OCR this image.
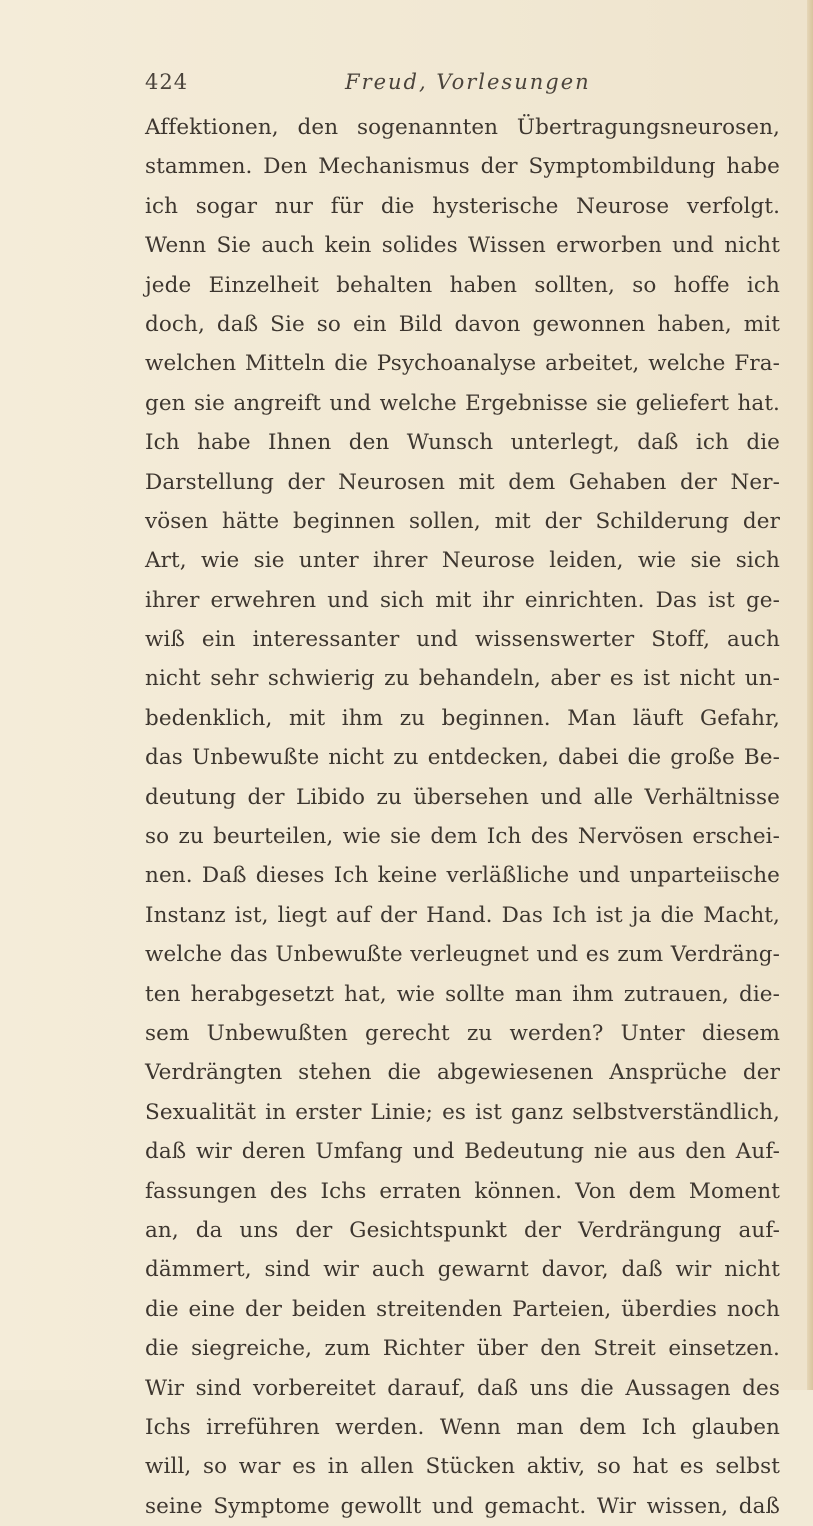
424	Freud, Vorlesungen
Affektionen, den sogenannten Übertragungsneurosen,
stammen. Den Mechanismus der Symptombildung habe
ich sogar nur für die hysterische Neurose verfolgt.
Wenn Sie auch kein solides Wissen erworben und nicht
jede Einzelheit behalten haben sollten, so hoffe ich
doch, daß Sie so ein Bild davon gewonnen haben, mit
welchen Mitteln die Psychoanalyse arbeitet, welche Fra-
gen sie angreift und welche Ergebnisse sie geliefert hat.
Ich habe Ihnen den Wunsch unterlegt, daß ich die
Darstellung der Neurosen mit dem Gehaben der Ner-
vösen hätte beginnen sollen, mit der Schilderung der
Art, wie sie unter ihrer Neurose leiden, wie sie sich
ihrer erwehren und sich mit ihr einrichten. Das ist ge-
wiß ein interessanter und wissenswerter Stoff, auch
nicht sehr schwierig zu behandeln, aber es ist nicht un-
bedenklich, mit ihm zu beginnen. Man läuft Gefahr,
das Unbewußte nicht zu entdecken, dabei die große Be-
deutung der Libido zu übersehen und alle Verhältnisse
so zu beurteilen, wie sie dem Ich des Nervösen erschei-
nen. Daß dieses Ich keine verläßliche und unparteiische
Instanz ist, liegt auf der Hand. Das Ich ist ja die Macht,
welche das Unbewußte verleugnet und es zum Verdräng-
ten herabgesetzt hat, wie sollte man ihm zutrauen, die-
sem Unbewußten gerecht zu werden? Unter diesem
Verdrängten stehen die abgewiesenen Ansprüche der
Sexualität in erster Linie; es ist ganz selbstverständlich,
daß wir deren Umfang und Bedeutung nie aus den Auf-
fassungen des Ichs erraten können. Von dem Moment
an, da uns der Gesichtspunkt der Verdrängung auf-
dämmert, sind wir auch gewarnt davor, daß wir nicht
die eine der beiden streitenden Parteien, überdies noch
die siegreiche, zum Richter über den Streit einsetzen.
Wir sind vorbereitet darauf, daß uns die Aussagen des
Ichs irreführen werden. Wenn man dem Ich glauben
will, so war es in allen Stücken aktiv, so hat es selbst
seine Symptome gewollt und gemacht. Wir wissen, daß
